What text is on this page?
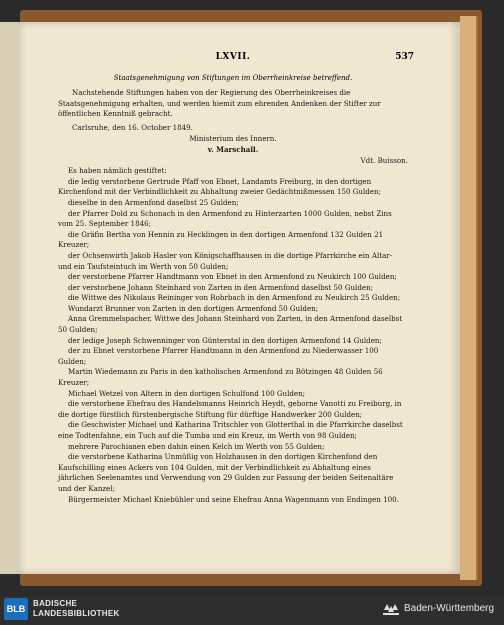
LXVII.	537
Staatsgenehmigung von Stiftungen im Oberrheinkreise betreffend.

Nachstehende Stiftungen haben von der Regierung des Oberrheinkreises die Staatsgenehmigung erhalten, und werden hiemit zum ehrenden Andenken der Stifter zur öffentlichen Kenntniß gebracht.

Carlsruhe, den 16. October 1849.

Ministerium des Innern.

v. Marschall.

Vdt. Buisson.

Es haben nämlich gestiftet:

die ledig verstorbene Gertrude Pfaff von Ebnet, Landamts Freiburg, in den dortigen Kirchenfond mit der Verbindlichkeit zu Abhaltung zweier Gedächtnißmessen 150 Gulden;

dieselbe in den Armenfond daselbst 25 Gulden;

der Pfarrer Dold zu Schonach in den Armenfond zu Hinterzarten 1000 Gulden, nebst Zins vom 25. September 1846;

die Gräfin Bertha von Hennin zu Hecklingen in den dortigen Armenfond 132 Gulden 21 Kreuzer;

der Ochsenwirth Jakob Hasler von Königschaffhausen in die dortige Pfarrkirche ein Altar- und ein Taufsteintuch im Werth von 50 Gulden;

der verstorbene Pfarrer Handtmann von Ebnet in den Armenfond zu Neukirch 100 Gulden;

der verstorbene Johann Steinhard von Zarten in den Armenfond daselbst 50 Gulden;

die Wittwe des Nikolaus Reininger von Rohrbach in den Armenfond zu Neukirch 25 Gulden;

Wundarzt Brunner von Zarten in den dortigen Armenfond 50 Gulden;

Anna Gremmelspacher, Wittwe des Johann Steinhard von Zarten, in den Armenfond daselbst 50 Gulden;

der ledige Joseph Schwenninger von Günterstal in den dortigen Armenfond 14 Gulden;

der zu Ebnet verstorbene Pfarrer Handtmann in den Armenfond zu Niederwasser 100 Gulden;

Martin Wiedemann zu Paris in den katholischen Armenfond zu Bötzingen 48 Gulden 56 Kreuzer;

Michael Wetzel von Altern in den dortigen Schulfond 100 Gulden;

die verstorbene Ehefrau des Handelsmanns Heinrich Heydt, geborne Vanotti zu Freiburg, in die dortige fürstlich fürstenbergische Stiftung für dürftige Handwerker 200 Gulden;

die Geschwister Michael und Katharina Tritschler von Glotterthal in die Pfarrkirche daselbst eine Todtenfahne, ein Tuch auf die Tumba und ein Kreuz, im Werth von 98 Gulden;

mehrere Parochianen eben dahin einen Kelch im Werth von 55 Gulden;

die verstorbene Katharina Unmüßig von Holzhausen in den dortigen Kirchenfond den Kaufschilling eines Ackers von 104 Gulden, mit der Verbindlichkeit zu Abhaltung eines jährlichen Seelenamtes und Verwendung von 29 Gulden zur Fassung der beiden Seitenaltäre und der Kanzel;

Bürgermeister Michael Kniebühler und seine Ehefrau Anna Wagenmann von Endingen 100.

BLB
BADISCHE
LANDESBIBLIOTHEK	Baden-Württemberg
